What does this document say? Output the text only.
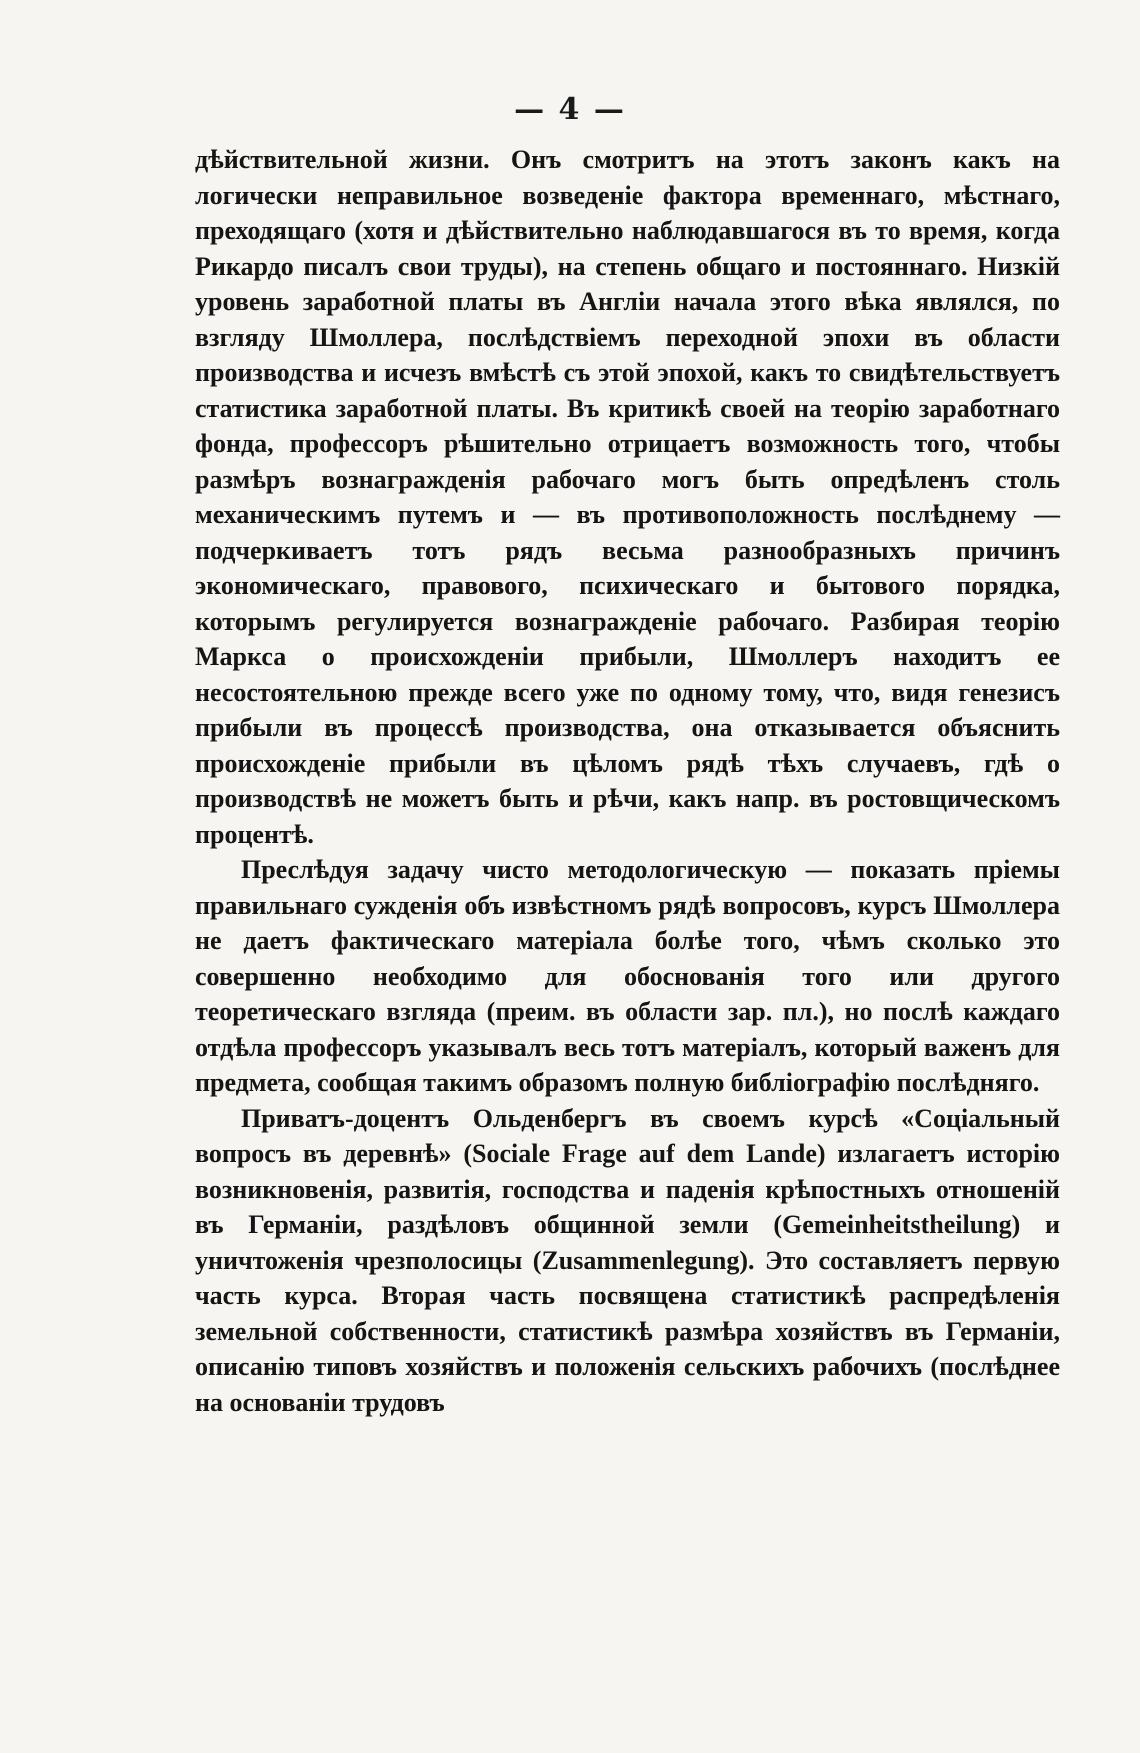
— 4 —

дѣйствительной жизни. Онъ смотритъ на этотъ законъ какъ на логически неправильное возведеніе фактора временнаго, мѣстнаго, преходящаго (хотя и дѣйствительно наблюдавшагося въ то время, когда Рикардо писалъ свои труды), на степень общаго и постояннаго. Низкій уровень заработной платы въ Англіи начала этого вѣка являлся, по взгляду Шмоллера, послѣдствіемъ переходной эпохи въ области производства и исчезъ вмѣстѣ съ этой эпохой, какъ то свидѣтельствуетъ статистика заработной платы. Въ критикѣ своей на теорію заработнаго фонда, профессоръ рѣшительно отрицаетъ возможность того, чтобы размѣръ вознагражденія рабочаго могъ быть опредѣленъ столь механическимъ путемъ и — въ противоположность послѣднему — подчеркиваетъ тотъ рядъ весьма разнообразныхъ причинъ экономическаго, правового, психическаго и бытового порядка, которымъ регулируется вознагражденіе рабочаго. Разбирая теорію Маркса о происхожденіи прибыли, Шмоллеръ находитъ ее несостоятельною прежде всего уже по одному тому, что, видя генезисъ прибыли въ процессѣ производства, она отказывается объяснить происхожденіе прибыли въ цѣломъ рядѣ тѣхъ случаевъ, гдѣ о производствѣ не можетъ быть и рѣчи, какъ напр. въ ростовщическомъ процентѣ.

Преслѣдуя задачу чисто методологическую — показать пріемы правильнаго сужденія объ извѣстномъ рядѣ вопросовъ, курсъ Шмоллера не даетъ фактическаго матеріала болѣе того, чѣмъ сколько это совершенно необходимо для обоснованія того или другого теоретическаго взгляда (преим. въ области зар. пл.), но послѣ каждаго отдѣла профессоръ указывалъ весь тотъ матеріалъ, который важенъ для предмета, сообщая такимъ образомъ полную библіографію послѣдняго.

Приватъ-доцентъ Ольденбергъ въ своемъ курсѣ «Соціальный вопросъ въ деревнѣ» (Sociale Frage auf dem Lande) излагаетъ исторію возникновенія, развитія, господства и паденія крѣпостныхъ отношеній въ Германіи, раздѣловъ общинной земли (Gemeinheitstheilung) и уничтоженія чрезполосицы (Zusammenlegung). Это составляетъ первую часть курса. Вторая часть посвящена статистикѣ распредѣленія земельной собственности, статистикѣ размѣра хозяйствъ въ Германіи, описанію типовъ хозяйствъ и положенія сельскихъ рабочихъ (послѣднее на основаніи трудовъ
